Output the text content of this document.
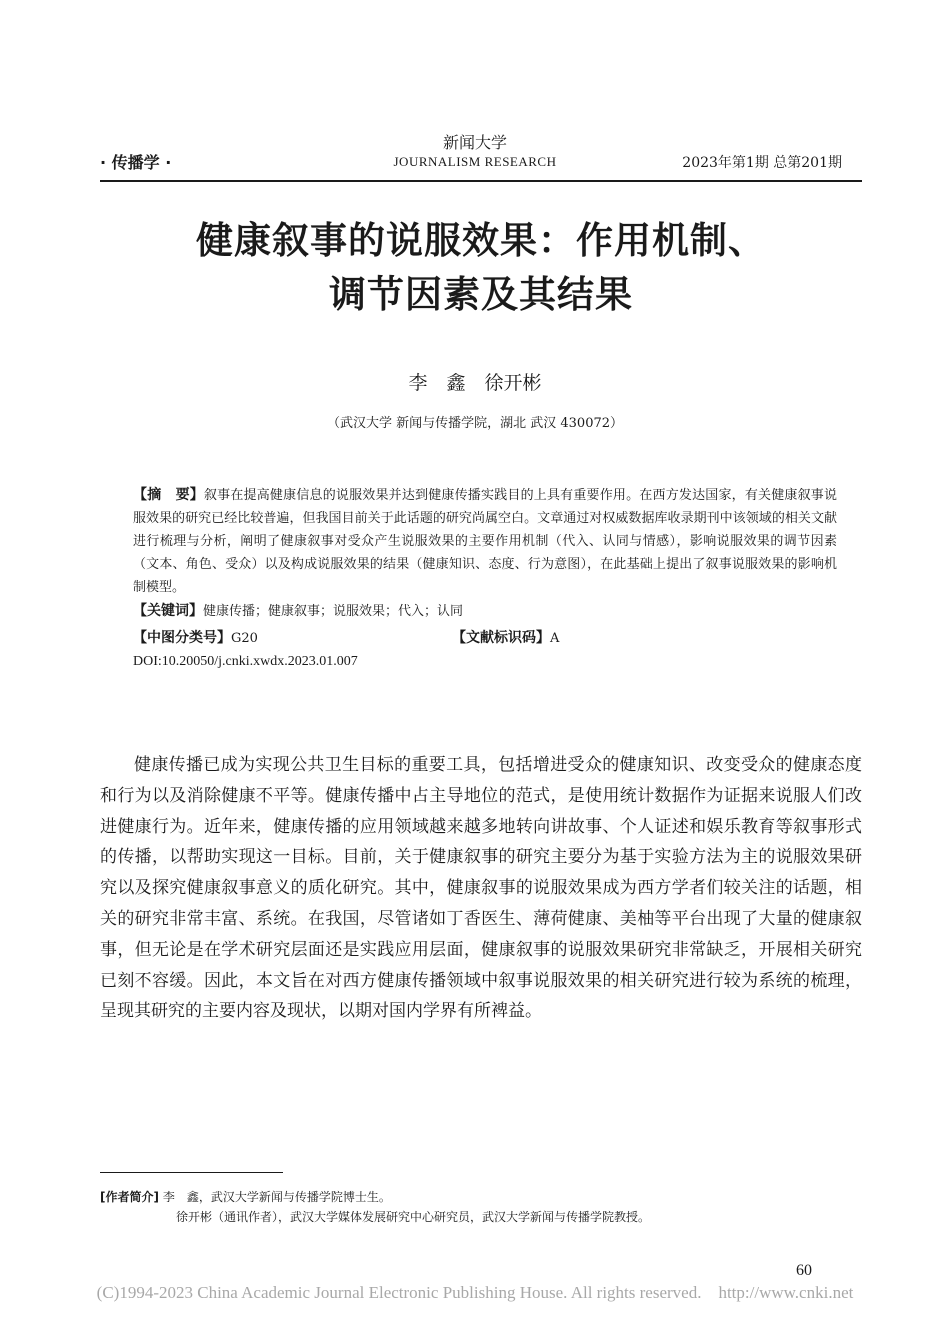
新闻大学
JOURNALISM RESEARCH
· 传播学 ·	2023年第1期 总第201期
健康叙事的说服效果：作用机制、
调节因素及其结果
李　鑫　徐开彬
（武汉大学 新闻与传播学院，湖北 武汉 430072）
【摘　要】叙事在提高健康信息的说服效果并达到健康传播实践目的上具有重要作用。在西方发达国家，有关健康叙事说服效果的研究已经比较普遍，但我国目前关于此话题的研究尚属空白。文章通过对权威数据库收录期刊中该领域的相关文献进行梳理与分析，阐明了健康叙事对受众产生说服效果的主要作用机制（代入、认同与情感），影响说服效果的调节因素（文本、角色、受众）以及构成说服效果的结果（健康知识、态度、行为意图），在此基础上提出了叙事说服效果的影响机制模型。
【关键词】健康传播；健康叙事；说服效果；代入；认同
【中图分类号】G20	【文献标识码】A
DOI:10.20050/j.cnki.xwdx.2023.01.007
健康传播已成为实现公共卫生目标的重要工具，包括增进受众的健康知识、改变受众的健康态度和行为以及消除健康不平等。健康传播中占主导地位的范式，是使用统计数据作为证据来说服人们改进健康行为。近年来，健康传播的应用领域越来越多地转向讲故事、个人证述和娱乐教育等叙事形式的传播，以帮助实现这一目标。目前，关于健康叙事的研究主要分为基于实验方法为主的说服效果研究以及探究健康叙事意义的质化研究。其中，健康叙事的说服效果成为西方学者们较关注的话题，相关的研究非常丰富、系统。在我国，尽管诸如丁香医生、薄荷健康、美柚等平台出现了大量的健康叙事，但无论是在学术研究层面还是实践应用层面，健康叙事的说服效果研究非常缺乏，开展相关研究已刻不容缓。因此，本文旨在对西方健康传播领域中叙事说服效果的相关研究进行较为系统的梳理，呈现其研究的主要内容及现状，以期对国内学界有所裨益。
[作者简介] 李　鑫，武汉大学新闻与传播学院博士生。
徐开彬（通讯作者），武汉大学媒体发展研究中心研究员，武汉大学新闻与传播学院教授。
60
(C)1994-2023 China Academic Journal Electronic Publishing House. All rights reserved.    http://www.cnki.net
